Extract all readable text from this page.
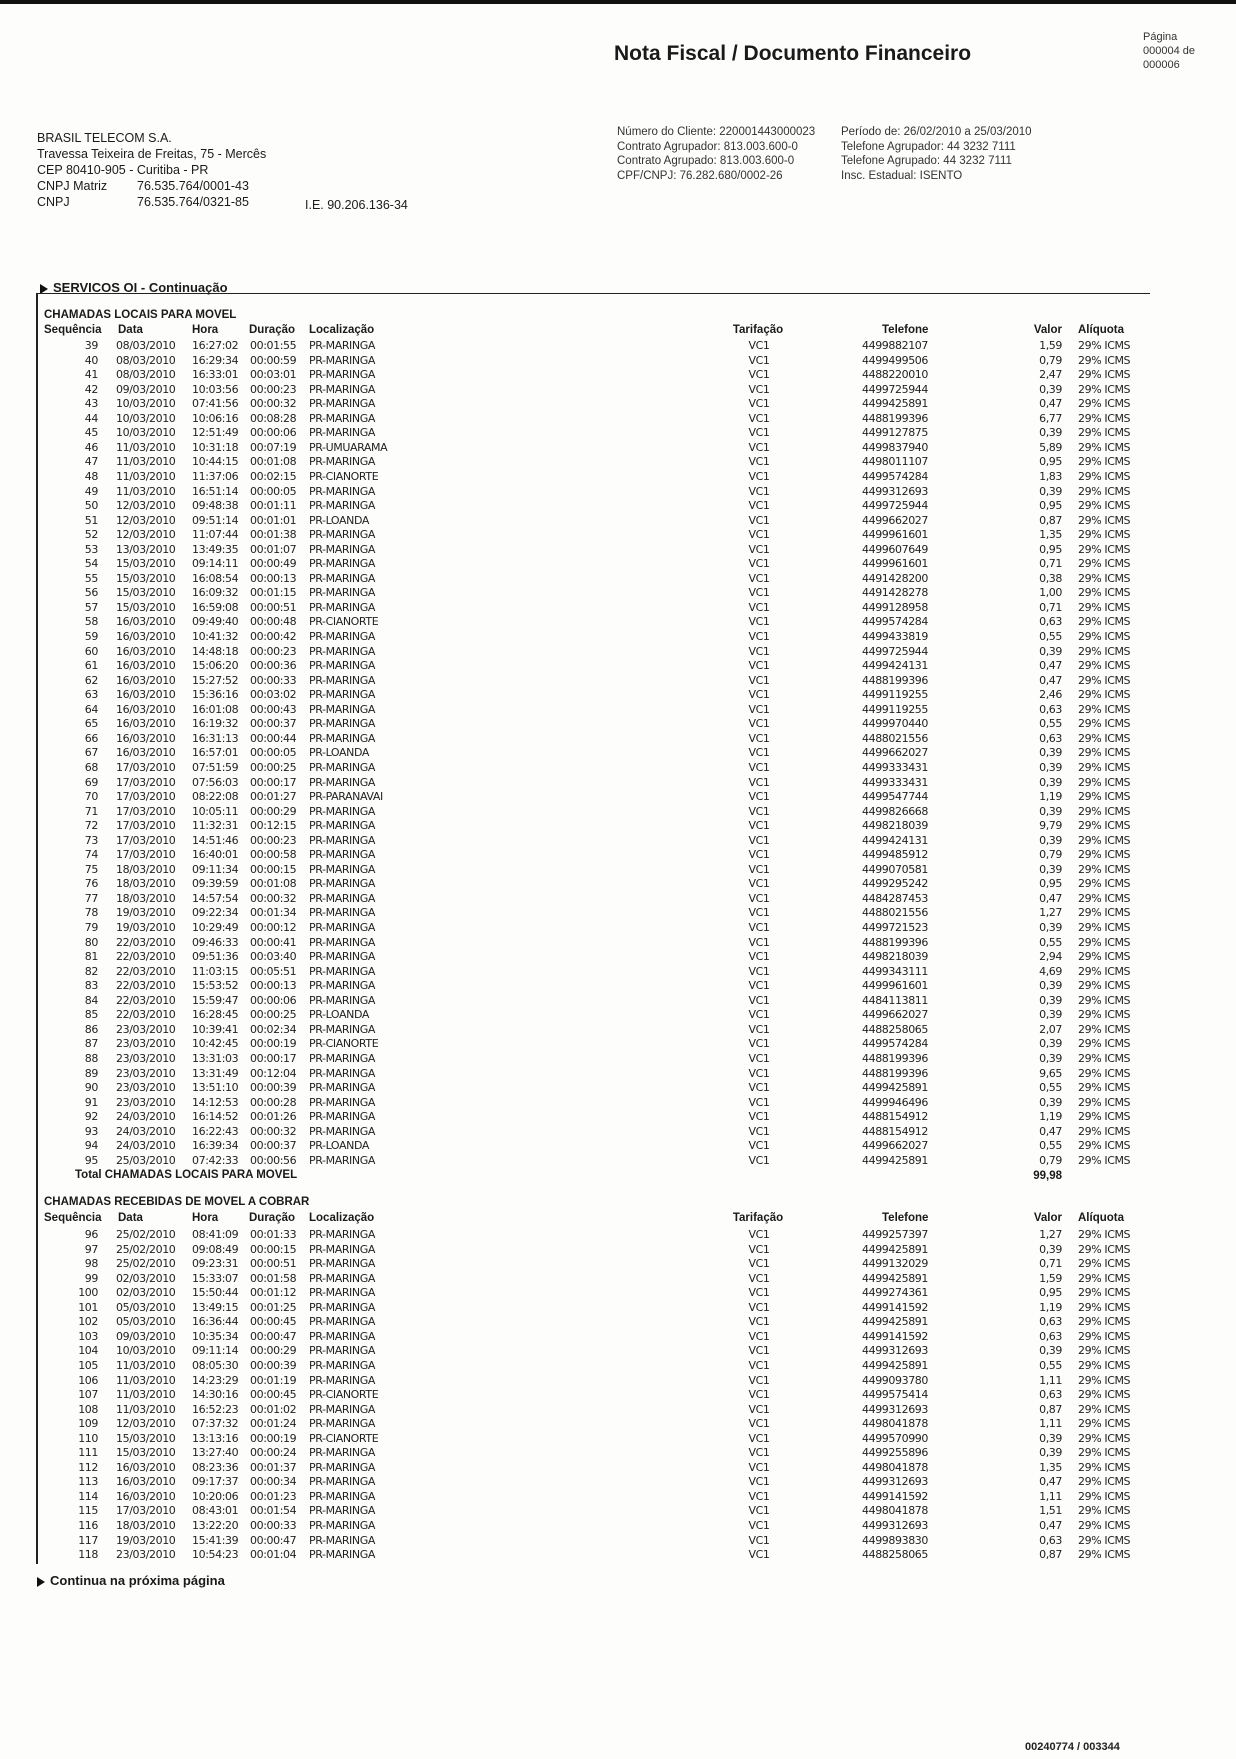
Nota Fiscal / Documento Financeiro
Página
000004 de
000006
BRASIL TELECOM S.A.
Travessa Teixeira de Freitas, 75 - Mercês
CEP 80410-905 - Curitiba - PR
CNPJ Matriz 76.535.764/0001-43
CNPJ	76.535.764/0321-85	I.E. 90.206.136-34
Número do Cliente: 220001443000023
Contrato Agrupador: 813.003.600-0
Contrato Agrupado: 813.003.600-0
CPF/CNPJ: 76.282.680/0002-26
Período de: 26/02/2010 a 25/03/2010
Telefone Agrupador: 44 3232 7111
Telefone Agrupado: 44 3232 7111
Insc. Estadual: ISENTO
SERVICOS OI - Continuação
CHAMADAS LOCAIS PARA MOVEL
Sequência Data	Hora	Duração Localização	Tarifação	Telefone	Valor Alíquota
39 08/03/2010 16:27:02 00:01:55 PR-MARINGA	VC1	4499882107	1,59 29% ICMS
40 08/03/2010 16:29:34 00:00:59 PR-MARINGA	VC1	4499499506	0,79 29% ICMS
41 08/03/2010 16:33:01 00:03:01 PR-MARINGA	VC1	4488220010	2,47 29% ICMS
42 09/03/2010 10:03:56 00:00:23 PR-MARINGA	VC1	4499725944	0,39 29% ICMS
43 10/03/2010 07:41:56 00:00:32 PR-MARINGA	VC1	4499425891	0,47 29% ICMS
44 10/03/2010 10:06:16 00:08:28 PR-MARINGA	VC1	4488199396	6,77 29% ICMS
45 10/03/2010 12:51:49 00:00:06 PR-MARINGA	VC1	4499127875	0,39 29% ICMS
46 11/03/2010 10:31:18 00:07:19 PR-UMUARAMA	VC1	4499837940	5,89 29% ICMS
47 11/03/2010 10:44:15 00:01:08 PR-MARINGA	VC1	4498011107	0,95 29% ICMS
48 11/03/2010 11:37:06 00:02:15 PR-CIANORTE	VC1	4499574284	1,83 29% ICMS
49 11/03/2010 16:51:14 00:00:05 PR-MARINGA	VC1	4499312693	0,39 29% ICMS
50 12/03/2010 09:48:38 00:01:11 PR-MARINGA	VC1	4499725944	0,95 29% ICMS
51 12/03/2010 09:51:14 00:01:01 PR-LOANDA	VC1	4499662027	0,87 29% ICMS
52 12/03/2010 11:07:44 00:01:38 PR-MARINGA	VC1	4499961601	1,35 29% ICMS
53 13/03/2010 13:49:35 00:01:07 PR-MARINGA	VC1	4499607649	0,95 29% ICMS
54 15/03/2010 09:14:11 00:00:49 PR-MARINGA	VC1	4499961601	0,71 29% ICMS
55 15/03/2010 16:08:54 00:00:13 PR-MARINGA	VC1	4491428200	0,38 29% ICMS
56 15/03/2010 16:09:32 00:01:15 PR-MARINGA	VC1	4491428278	1,00 29% ICMS
57 15/03/2010 16:59:08 00:00:51 PR-MARINGA	VC1	4499128958	0,71 29% ICMS
58 16/03/2010 09:49:40 00:00:48 PR-CIANORTE	VC1	4499574284	0,63 29% ICMS
59 16/03/2010 10:41:32 00:00:42 PR-MARINGA	VC1	4499433819	0,55 29% ICMS
60 16/03/2010 14:48:18 00:00:23 PR-MARINGA	VC1	4499725944	0,39 29% ICMS
61 16/03/2010 15:06:20 00:00:36 PR-MARINGA	VC1	4499424131	0,47 29% ICMS
62 16/03/2010 15:27:52 00:00:33 PR-MARINGA	VC1	4488199396	0,47 29% ICMS
63 16/03/2010 15:36:16 00:03:02 PR-MARINGA	VC1	4499119255	2,46 29% ICMS
64 16/03/2010 16:01:08 00:00:43 PR-MARINGA	VC1	4499119255	0,63 29% ICMS
65 16/03/2010 16:19:32 00:00:37 PR-MARINGA	VC1	4499970440	0,55 29% ICMS
66 16/03/2010 16:31:13 00:00:44 PR-MARINGA	VC1	4488021556	0,63 29% ICMS
67 16/03/2010 16:57:01 00:00:05 PR-LOANDA	VC1	4499662027	0,39 29% ICMS
68 17/03/2010 07:51:59 00:00:25 PR-MARINGA	VC1	4499333431	0,39 29% ICMS
69 17/03/2010 07:56:03 00:00:17 PR-MARINGA	VC1	4499333431	0,39 29% ICMS
70 17/03/2010 08:22:08 00:01:27 PR-PARANAVAI	VC1	4499547744	1,19 29% ICMS
71 17/03/2010 10:05:11 00:00:29 PR-MARINGA	VC1	4499826668	0,39 29% ICMS
72 17/03/2010 11:32:31 00:12:15 PR-MARINGA	VC1	4498218039	9,79 29% ICMS
73 17/03/2010 14:51:46 00:00:23 PR-MARINGA	VC1	4499424131	0,39 29% ICMS
74 17/03/2010 16:40:01 00:00:58 PR-MARINGA	VC1	4499485912	0,79 29% ICMS
75 18/03/2010 09:11:34 00:00:15 PR-MARINGA	VC1	4499070581	0,39 29% ICMS
76 18/03/2010 09:39:59 00:01:08 PR-MARINGA	VC1	4499295242	0,95 29% ICMS
77 18/03/2010 14:57:54 00:00:32 PR-MARINGA	VC1	4484287453	0,47 29% ICMS
78 19/03/2010 09:22:34 00:01:34 PR-MARINGA	VC1	4488021556	1,27 29% ICMS
79 19/03/2010 10:29:49 00:00:12 PR-MARINGA	VC1	4499721523	0,39 29% ICMS
80 22/03/2010 09:46:33 00:00:41 PR-MARINGA	VC1	4488199396	0,55 29% ICMS
81 22/03/2010 09:51:36 00:03:40 PR-MARINGA	VC1	4498218039	2,94 29% ICMS
82 22/03/2010 11:03:15 00:05:51 PR-MARINGA	VC1	4499343111	4,69 29% ICMS
83 22/03/2010 15:53:52 00:00:13 PR-MARINGA	VC1	4499961601	0,39 29% ICMS
84 22/03/2010 15:59:47 00:00:06 PR-MARINGA	VC1	4484113811	0,39 29% ICMS
85 22/03/2010 16:28:45 00:00:25 PR-LOANDA	VC1	4499662027	0,39 29% ICMS
86 23/03/2010 10:39:41 00:02:34 PR-MARINGA	VC1	4488258065	2,07 29% ICMS
87 23/03/2010 10:42:45 00:00:19 PR-CIANORTE	VC1	4499574284	0,39 29% ICMS
88 23/03/2010 13:31:03 00:00:17 PR-MARINGA	VC1	4488199396	0,39 29% ICMS
89 23/03/2010 13:31:49 00:12:04 PR-MARINGA	VC1	4488199396	9,65 29% ICMS
90 23/03/2010 13:51:10 00:00:39 PR-MARINGA	VC1	4499425891	0,55 29% ICMS
91 23/03/2010 14:12:53 00:00:28 PR-MARINGA	VC1	4499946496	0,39 29% ICMS
92 24/03/2010 16:14:52 00:01:26 PR-MARINGA	VC1	4488154912	1,19 29% ICMS
93 24/03/2010 16:22:43 00:00:32 PR-MARINGA	VC1	4488154912	0,47 29% ICMS
94 24/03/2010 16:39:34 00:00:37 PR-LOANDA	VC1	4499662027	0,55 29% ICMS
95 25/03/2010 07:42:33 00:00:56 PR-MARINGA	VC1	4499425891	0,79 29% ICMS
Total CHAMADAS LOCAIS PARA MOVEL	99,98
CHAMADAS RECEBIDAS DE MOVEL A COBRAR
Sequência Data	Hora	Duração Localização	Tarifação	Telefone	Valor Alíquota
96 25/02/2010 08:41:09 00:01:33 PR-MARINGA	VC1	4499257397	1,27 29% ICMS
97 25/02/2010 09:08:49 00:00:15 PR-MARINGA	VC1	4499425891	0,39 29% ICMS
98 25/02/2010 09:23:31 00:00:51 PR-MARINGA	VC1	4499132029	0,71 29% ICMS
99 02/03/2010 15:33:07 00:01:58 PR-MARINGA	VC1	4499425891	1,59 29% ICMS
100 02/03/2010 15:50:44 00:01:12 PR-MARINGA	VC1	4499274361	0,95 29% ICMS
101 05/03/2010 13:49:15 00:01:25 PR-MARINGA	VC1	4499141592	1,19 29% ICMS
102 05/03/2010 16:36:44 00:00:45 PR-MARINGA	VC1	4499425891	0,63 29% ICMS
103 09/03/2010 10:35:34 00:00:47 PR-MARINGA	VC1	4499141592	0,63 29% ICMS
104 10/03/2010 09:11:14 00:00:29 PR-MARINGA	VC1	4499312693	0,39 29% ICMS
105 11/03/2010 08:05:30 00:00:39 PR-MARINGA	VC1	4499425891	0,55 29% ICMS
106 11/03/2010 14:23:29 00:01:19 PR-MARINGA	VC1	4499093780	1,11 29% ICMS
107 11/03/2010 14:30:16 00:00:45 PR-CIANORTE	VC1	4499575414	0,63 29% ICMS
108 11/03/2010 16:52:23 00:01:02 PR-MARINGA	VC1	4499312693	0,87 29% ICMS
109 12/03/2010 07:37:32 00:01:24 PR-MARINGA	VC1	4498041878	1,11 29% ICMS
110 15/03/2010 13:13:16 00:00:19 PR-CIANORTE	VC1	4499570990	0,39 29% ICMS
111 15/03/2010 13:27:40 00:00:24 PR-MARINGA	VC1	4499255896	0,39 29% ICMS
112 16/03/2010 08:23:36 00:01:37 PR-MARINGA	VC1	4498041878	1,35 29% ICMS
113 16/03/2010 09:17:37 00:00:34 PR-MARINGA	VC1	4499312693	0,47 29% ICMS
114 16/03/2010 10:20:06 00:01:23 PR-MARINGA	VC1	4499141592	1,11 29% ICMS
115 17/03/2010 08:43:01 00:01:54 PR-MARINGA	VC1	4498041878	1,51 29% ICMS
116 18/03/2010 13:22:20 00:00:33 PR-MARINGA	VC1	4499312693	0,47 29% ICMS
117 19/03/2010 15:41:39 00:00:47 PR-MARINGA	VC1	4499893830	0,63 29% ICMS
118 23/03/2010 10:54:23 00:01:04 PR-MARINGA	VC1	4488258065	0,87 29% ICMS
Continua na próxima página
00240774 / 003344
